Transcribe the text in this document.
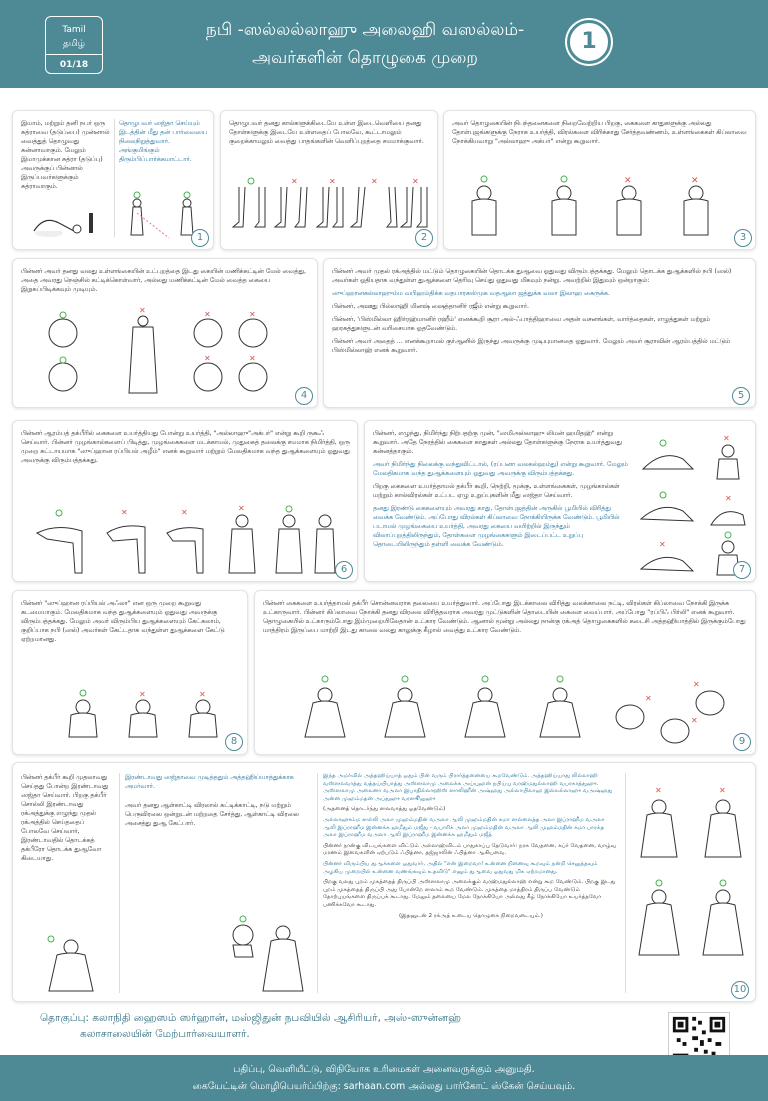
Tamil
தமிழ்
01/18
நபி -ஸல்லல்லாஹு அலைஹி வஸல்லம்-
அவர்களின் தொழுகை முறை
1
இமாம், மற்றும் தனி நபர் ஒரு சுத்ராவை (தடுப்பை) முன்னால் வைத்துத் தொழுவது சுன்னாவாகும். மேலும் இமாமுக்கான சுத்ரா (தடுப்பு) அவருக்குப் பின்னால் இருப்பவர்களுக்கும் சுத்ராவாகும்.
தொழுபவர் ஸஜ்தா செய்யும் இடத்தின் மீது தன் பார்வையை நிலைநிறுத்துவார். அங்குமிங்கும் திரும்பிப்பார்க்கமாட்டார்.
1
தொழுபவர் தனது கால்களுக்கிடையே உள்ள இடைவெளியை தனது தோள்களுக்கு இடையே உள்ளதைப் போலவே, கூட்டாமலும் குறைக்காமலும் வைத்து பாதங்களின் வெளிப்புறத்தை சமமாக்குவார்.
✕	✕	✕	✕
2
அவர் தொழுகையின் நிபந்தனைகளை நிறைவேற்றிய பிறகு, கைகளை காதுகளுக்கு அல்லது தோள்புஜங்களுக்கு நேராக உயர்த்தி, விரல்களை விரிக்காது சேர்த்தவண்ணம், உள்ளங்கைகள் கிப்லாவை நோக்கியவாறு "அல்லாஹு அக்பர்" என்று கூறுவார்.
✕	✕
3
பின்னர் அவர் தனது வலது உள்ளங்கையின் உட்புறத்தை இடது கையின் மணிக்கட்டின் மேல் வைத்து, அதை அவரது நெஞ்சில் கட்டிக்கொள்வார், அல்லது மணிக்கட்டின் மேல் வைத்த கையை இறுகப்பிடிக்கவும் முடியும்.
✕	✕	✕
✕	✕
4

பின்னர் அவர் முதல் ரக்அத்தில் மட்டும் தொழுகையின் தொடக்க துஆவை ஓதுவது விரும்பத்தக்கது. மேலும் தொடக்க துஆக்களில் நபி (ஸல்) அவர்கள் ஓதியதாக வந்துள்ள துஆக்களை தெரிவு செய்து ஓதுவது மிகவும் நன்று. அவற்றில் இதுவும் ஒன்றாகும்:

ஸுப்ஹானகல்லாஹும்ம வபிஹம்திக்க வதபாரகஸ்முக வதஆலா ஜத்துக்க வலா இலாஹ கைருக்க.

பின்னர், அஊது பில்லாஹி மினஷ் ஷைத்தானிர் ரஜீம் என்று கூறுவார்.

பின்னர், 'பிஸ்மில்லா ஹிர்ரஹ்மானிர் ரஹீம்' எனக்கூறி சூரா அல்-ஃபாத்திஹாவை அதன் வசனங்கள், வார்த்தைகள், எழுத்துகள் மற்றும் ஹரகத்துகளுடன் வரிசையாக ஓதவேண்டும்.

பின்னர் அவர் அதைத் ... எனக்கூறாமல் குர்ஆனில் இருந்து அவருக்கு முடியுமானதை ஓதுவார். மேலும் அவர் சூராவின் ஆரம்பத்தில் மட்டும் பிஸ்மில்லாஹ் எனக் கூறுவார்.

5
பின்னர் ஆரம்பத் தக்பீரில் கைகளை உயர்த்தியது போன்று உயர்த்தி, "அல்லாஹு"அக்பர்" என்று கூறி ருகூஃ செய்வார். பின்னர் முழங்கால்களைப் பிடித்து, முழங்கைகளை மடக்காமல், முதுகைத் தலைக்கு சமமாக நிமிர்த்தி, ஒரு முறை கட்டாயமாக "ஸுப்ஹான ரப்பியல் அழீம்" எனக் கூறுவார் மற்றும் மேலதிகமாக வந்த துஆக்களையும் ஓதுவது அவருக்கு விரும்பத்தக்கது.
✕	✕	✕
6

பின்னர், எழுந்து, நிமிர்ந்து நிற்பதற்கு முன், "ஸமிஅல்லாஹு லிமன் ஹமிதஹ்" என்று கூறுவார். அதே நேரத்தில் கைகளை காதுகள் அல்லது தோள்களுக்கு நேராக உயர்த்துவது சுன்னத்தாகும்.

அவர் நிமிர்ந்து நிலைக்கு வந்துவிட்டால், (ரப்பனா வலகல்ஹம்து) என்று கூறுவார். மேலும் மேலதிகமாக வந்த துஆக்களையும் ஓதுவது அவருக்கு விரும்பத்தக்கது.

பிறகு கைகளை உயர்த்தாமல் தக்பீர் கூறி, நெற்றி, மூக்கு, உள்ளங்கைகள், முழங்கால்கள் மற்றும் கால்விரல்கள் உட்பட ஏழு உறுப்புகளின் மீது ஸஜ்தா செய்வார்.

தனது இரண்டு கைகளையும் அவரது காது, தோள்புஜத்தின் அருகில் பூமியில் விரித்து வைக்க வேண்டும். அப்போது விரல்கள் கிப்லாவை நோக்கியிருக்க வேண்டும். பூமியில் படாமல் முழங்கையை உயர்த்தி, அவரது கையை வயிற்றில் இருந்தும் விலாப்புறத்திலிருந்தும், தோள்களை முழங்கைகளும் இடைப்பட்ட உறுப்பு தொடையிலிருந்தும் தள்ளி வைக்க வேண்டும்.

✕
✕
✕
7
பின்னர் "ஸுப்ஹான ரப்பியல் அஃலா" என ஒரு முறை கூறுவது கடமையாகும். மேலதிகமாக வந்த துஆக்களையும் ஓதுவது அவருக்கு விரும்பத்தக்கது. மேலும் அவர் விரும்பிய துஆக்களையும் கேட்கலாம், குறிப்பாக நபி (ஸல்) அவர்கள் கேட்டதாக வந்துள்ள துஆக்களை கேட்டு ஏற்றமானது.
✕	✕
8
பின்னர் கைகளை உயர்த்தாமல் தக்பீர் சொன்னவராக தலையை உயர்த்துவார். அப்போது இடக்காலை விரித்து வலக்காலை நட்டி, விரல்கள் கிப்லாவை நோக்கி இருக்க உட்காருவார். பின்னர் கிப்லாவை நோக்கி தனது விரலை விரித்தவராக அவரது முட்டுகளின் தொடையின் கைளை வைப்பார். அப்போது "ரப்பிஃ பிர்லி" எனக் கூறுவார். தொழுகையில் உட்காரும்போது இம்முறையிலேதான் உட்கார வேண்டும். ஆனால் மூன்று அல்லது நான்கு ரக்அத் தொழுகைகளில் கடைசி அத்தஹியாத்தில் இருக்கும்போது மாத்திரம் இருப்பை மாற்றி இடது காலை வலது காலுக்கு கீழால் வைத்து உட்கார வேண்டும்.
✕
✕
✕
9
பின்னர் தக்பீர் கூறி முதலாவது செய்தது போன்ற இரண்டாவது ஸஜ்தா செய்வார். பிறகு தக்பீர் சொல்லி இரண்டாவது ரக்அத்துக்கு எழுந்து முதல் ரக்அத்தில் செய்ததைப் போலவே செய்வார், இரண்டாவதில் தொடக்கத் தக்பீரோ தொடக்க துஆவோ கிடையாது.

இரண்டாவது ஸஜ்தாவை முடித்ததும் அத்தஹிய்யாத்துக்காக அமர்வார்.

அவர் தனது ஆள்காட்டி விரலால் சுட்டிக்காட்டி, நடு மற்றும் பெருவிரலை ஒன்றுடன் மற்றதை சேர்த்து, ஆள்காட்டி விரலை அசைத்து துஆ கேட்பார்.

இந்த அமர்வில் அத்தஹிய்யாத் ஓதும் பின் வரும் பிரார்த்தனையை கூறவேண்டும். அத்தஹிய்யாது லில்லாஹி வஸ்ஸலவாத்து வத்தய்யிபாத்து அஸ்ஸலாமு அலைக்க அய்யுஹன் நபிய்யு வரஹ்மதுல்லாஹி வபரகாத்துஹு. அஸ்ஸலாமு அலைனா வஅலா இபாதில்லாஹிஸ் ஸாலிஹீன் அஷ்ஹது அல்லாயிலாஹ இல்லல்லாஹு வஅஷ்ஹது அன்ன முஹம்மதன் அப்துஹு வரஸூலுஹு

(அதனைத் தொடர்ந்து ஸலவாத்து ஓதவேண்டும்)

அல்லாஹும்ம ஸல்லி அலா முஹம்மதின் வஅலா ஆலி முஹம்மதின் கமா ஸல்லைத்த அலா இப்ராஹீம வஅலா ஆலி இப்ராஹீம இன்னக்க ஹமீதும் மஜீது - வபாரிக் அலா முஹம்மதின் வஅலா ஆலி முஹம்மதின் கமா பாரக்த அலா இப்ராஹீம வஅலா ஆலி இப்ராஹீம இன்னக்க ஹமீதும் மஜீத்

பின்னர் நான்கு விடயங்களை விட்டும் அல்லாஹ்விடம் பாதுகாப்பு தேடுவார்: நரக வேதனை, கப்ர் வேதனை, வாழ்வு மரணம் இவைகளின் ஏற்படும் ஃபித்னா, தஜ்ஜாலின் ஃபித்னா ஆகியவை.

பின்னர் விரும்பிய துஆக்களை ஓதுவார், அதில் "என் இறைவா! உன்னை நினைவு கூறவும் நன்றி செலுத்தவும் அழகிய முறையில் உன்னை வணங்கவும் உதவிடு" எனும் துஆவை ஓதுவது மிக ஏற்றமானது.

பிறகு வலது புறம் முகத்தைத் திருப்பி அஸ்ஸலாமு அலைக்கும் வரஹ்மதுல்லாஹ் என்று கூற வேண்டும். பிறகு இடது புறம் முகத்தைத் திருப்பி அது போன்றே ஸலாம் கூற வேண்டும். முகத்தை மாத்திரம் திருப்ப வேண்டும் தோற்புயங்களை திருப்பக் கூடாது. மேலும் தலையை மேல நோக்கியோ அல்லது கீழ் நோக்கியோ உயர்த்தவோ பணிக்கவோ கூடாது.

(இதனுடன் 2 ரக்அத் உடைய தொழுகை நிறைவடையும்.)

✕	✕
10
தொகுப்பு: கலாநிதி ஹைஸம் ஸர்ஹான், மஸ்ஜிதுன் நபவியில் ஆசிரியர், அஸ்-ஸுன்னஹ்
கலாசாலையின் மேற்பார்வையாளர்.
பதிப்பு, வெளியீட்டு, விநியோக உரிமைகள் அனைவருக்கும் அனுமதி.
கையேட்டின் மொழிபெயர்ப்பிற்கு: sarhaan.com அல்லது பார்கோட் ஸ்கேன் செய்யவும்.
